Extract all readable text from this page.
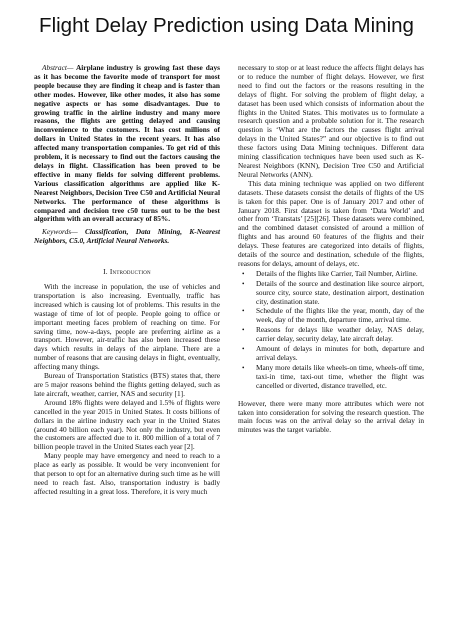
Flight Delay Prediction using Data Mining

Abstract— Airplane industry is growing fast these days as it has become the favorite mode of transport for most people because they are finding it cheap and is faster than other modes. However, like other modes, it also has some negative aspects or has some disadvantages. Due to growing traffic in the airline industry and many more reasons, the flights are getting delayed and causing inconvenience to the customers. It has cost millions of dollars in United States in the recent years. It has also affected many transportation companies. To get rid of this problem, it is necessary to find out the factors causing the delays in flight. Classification has been proved to be effective in many fields for solving different problems. Various classification algorithms are applied like K-Nearest Neighbors, Decision Tree C50 and Artificial Neural Networks. The performance of these algorithms is compared and decision tree c50 turns out to be the best algorithm with an overall accuracy of 85%.

Keywords— Classification, Data Mining, K-Nearest Neighbors, C5.0, Artificial Neural Networks.

I. Introduction

With the increase in population, the use of vehicles and transportation is also increasing. Eventually, traffic has increased which is causing lot of problems. This results in the wastage of time of lot of people. People going to office or important meeting faces problem of reaching on time. For saving time, now-a-days, people are preferring airline as a transport. However, air-traffic has also been increased these days which results in delays of the airplane. There are a number of reasons that are causing delays in flight, eventually, affecting many things.

Bureau of Transportation Statistics (BTS) states that, there are 5 major reasons behind the flights getting delayed, such as late aircraft, weather, carrier, NAS and security [1].

Around 18% flights were delayed and 1.5% of flights were cancelled in the year 2015 in United States. It costs billions of dollars in the airline industry each year in the United States (around 40 billion each year). Not only the industry, but even the customers are affected due to it. 800 million of a total of 7 billion people travel in the United States each year [2].

Many people may have emergency and need to reach to a place as early as possible. It would be very inconvenient for that person to opt for an alternative during such time as he will need to reach fast. Also, transportation industry is badly affected resulting in a great loss. Therefore, it is very much

necessary to stop or at least reduce the affects flight delays has or to reduce the number of flight delays. However, we first need to find out the factors or the reasons resulting in the delays of flight. For solving the problem of flight delay, a dataset has been used which consists of information about the flights in the United States. This motivates us to formulate a research question and a probable solution for it. The research question is ‘What are the factors the causes flight arrival delays in the United States?” and our objective is to find out these factors using Data Mining techniques. Different data mining classification techniques have been used such as K-Nearest Neighbors (KNN), Decision Tree C50 and Artificial Neural Networks (ANN).

This data mining technique was applied on two different datasets. These datasets consist the details of flights of the US is taken for this paper. One is of January 2017 and other of January 2018. First dataset is taken from ‘Data World’ and other from ‘Transtats’ [25][26]. These datasets were combined, and the combined dataset consisted of around a million of flights and has around 60 features of the flights and their delays. These features are categorized into details of flights, details of the source and destination, schedule of the flights, reasons for delays, amount of delays, etc.

• Details of the flights like Carrier, Tail Number, Airline.
• Details of the source and destination like source airport, source city, source state, destination airport, destination city, destination state.
• Schedule of the flights like the year, month, day of the week, day of the month, departure time, arrival time.
• Reasons for delays like weather delay, NAS delay, carrier delay, security delay, late aircraft delay.
• Amount of delays in minutes for both, departure and arrival delays.
• Many more details like wheels-on time, wheels-off time, taxi-in time, taxi-out time, whether the flight was cancelled or diverted, distance travelled, etc.

However, there were many more attributes which were not taken into consideration for solving the research question. The main focus was on the arrival delay so the arrival delay in minutes was the target variable.
